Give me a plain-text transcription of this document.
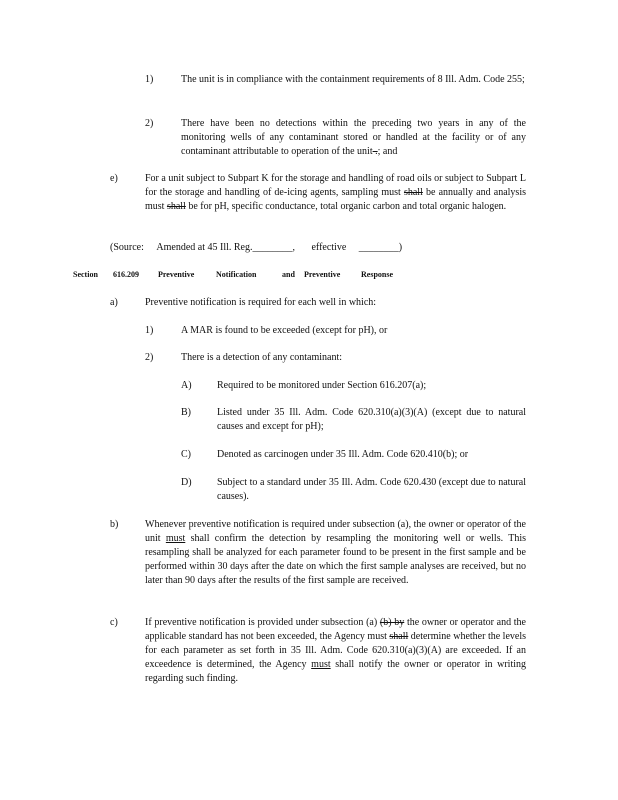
1)	The unit is in compliance with the containment requirements of 8 Ill. Adm. Code 255;

2)	There have been no detections within the preceding two years in any of the monitoring wells of any contaminant stored or handled at the facility or of any contaminant attributable to operation of the unit .; and

e)	For a unit subject to Subpart K for the storage and handling of road oils or subject to Subpart L for the storage and handling of de-icing agents, sampling must shall be annually and analysis must shall be for pH, specific conductance, total organic carbon and total organic halogen.

(Source: Amended at 45 Ill. Reg.________, effective ________)
Section 616.209 Preventive	Notification	and Preventive	Response
a)	Preventive notification is required for each well in which:
1)	A MAR is found to be exceeded (except for pH), or
2)	There is a detection of any contaminant:
A)	Required to be monitored under Section 616.207(a);
B)	Listed under 35 Ill. Adm. Code 620.310(a)(3)(A) (except due to natural causes and except for pH);
C)	Denoted as carcinogen under 35 Ill. Adm. Code 620.410(b); or
D)	Subject to a standard under 35 Ill. Adm. Code 620.430 (except due to natural causes).
b)	Whenever preventive notification is required under subsection (a), the owner or operator of the unit must shall confirm the detection by resampling the monitoring well or wells. This resampling shall be analyzed for each parameter found to be present in the first sample and be performed within 30 days after the date on which the first sample analyses are received, but no later than 90 days after the results of the first sample are received.

c)	If preventive notification is provided under subsection (a) (b) by the owner or operator and the applicable standard has not been exceeded, the Agency must shall determine whether the levels for each parameter as set forth in 35 Ill. Adm. Code 620.310(a)(3)(A) are exceeded. If an exceedence is determined, the Agency must shall notify the owner or operator in writing regarding such finding.
